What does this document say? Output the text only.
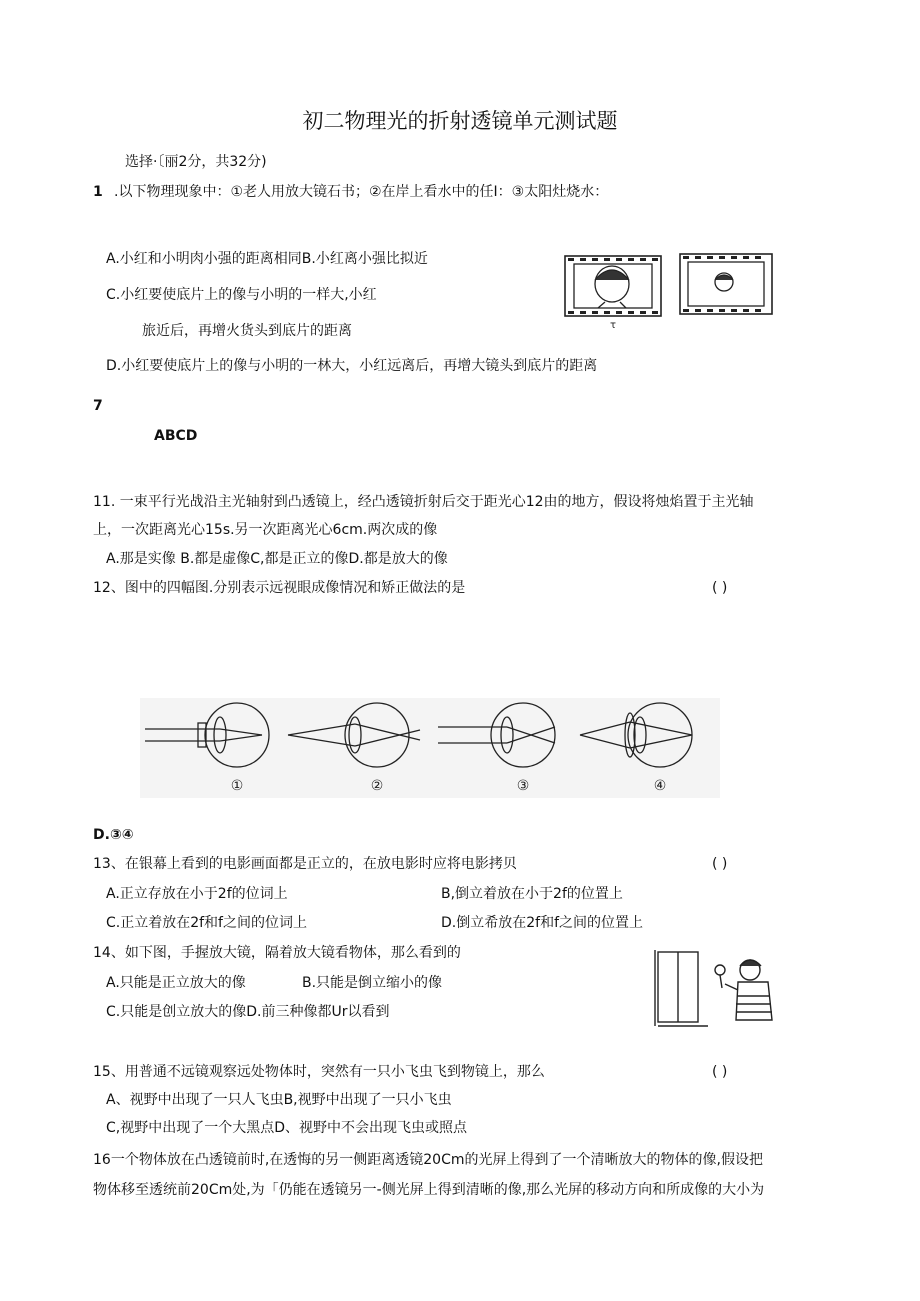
初二物理光的折射透镜单元测试题
选择·〔丽2分，共32分)
1 .以下物理现象中：①老人用放大镜石书；②在岸上看水中的任I：③太阳灶烧水：
A.小红和小明肉小强的距离相同B.小红离小强比拟近
C.小红要使底片上的像与小明的一样大,小红
旅近后，再增火货头到底片的距离
D.小红要使底片上的像与小明的一林大，小红远离后，再增大镜头到底片的距离
τ
7
ABCD
11. 一束平行光战沿主光轴射到凸透镜上，经凸透镜折射后交于距光心12由的地方，假设将烛焰置于主光轴
上，一次距离光心15s.另一次距离光心6cm.两次成的像
A.那是实像 B.都是虚像C,都是正立的像D.都是放大的像
12、图中的四幅图.分别表示远视眼成像情况和矫正做法的是	( )
①	②	③	④
D.③④
13、在银幕上看到的电影画面都是正立的，在放电影时应将电影拷贝	( )
A.正立存放在小于2f的位词上	B,倒立着放在小于2f的位置上
C.正立着放在2f和f之间的位词上	D.倒立希放在2f和f之间的位置上
14、如下图，手握放大镜，隔着放大镜看物体，那么看到的
A.只能是正立放大的像	B.只能是倒立缩小的像
C.只能是创立放大的像D.前三种像都Ur以看到
15、用普通不远镜观察远处物体时，突然有一只小飞虫飞到物镜上，那么	( )
A、视野中出现了一只人飞虫B,视野中出现了一只小飞虫
C,视野中出现了一个大黑点D、视野中不会出现飞虫或照点
16一个物体放在凸透镜前时,在透悔的另一侧距离透镜20Cm的光屏上得到了一个清晰放大的物体的像,假设把
物体移至透统前20Cm处,为「仍能在透镜另一-侧光屏上得到清晰的像,那么光屏的移动方向和所成像的大小为
